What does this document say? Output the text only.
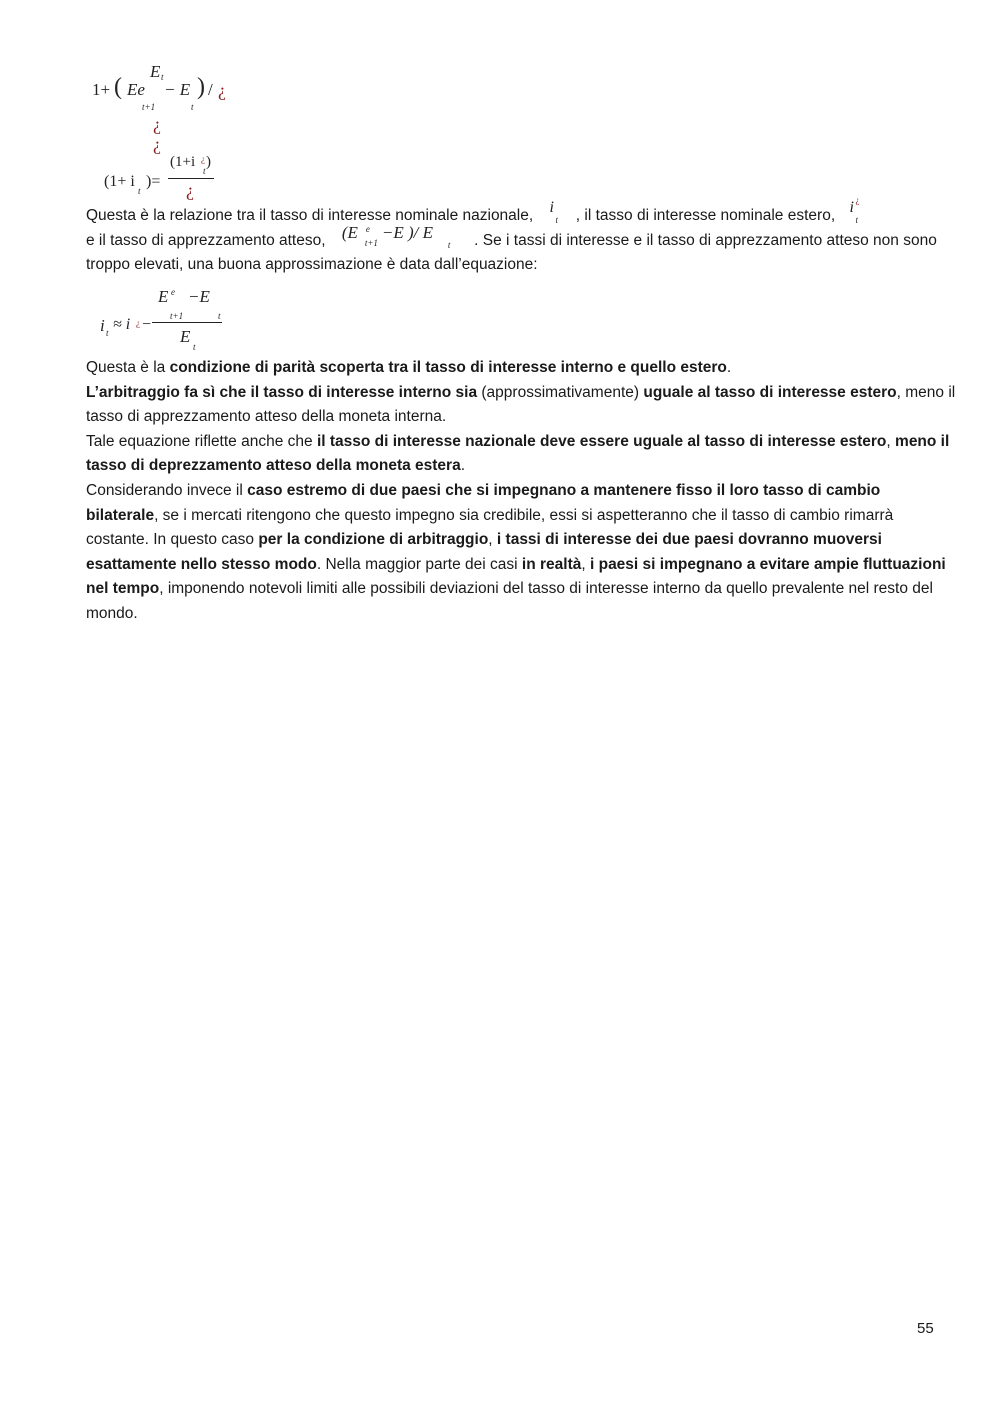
1+ (
E t
Ee
t+1
− E
t
) / ¿
¿
¿
(1+ i
t
)=
(1+i ¿
t
)
¿

Questa è la relazione tra il tasso di interesse nominale nazionale, i
t , il tasso di interesse nominale estero, i ¿
t

e il tasso di apprezzamento atteso, (E e
t+1
−E )/ E
t . Se i tassi di interesse e il tasso di apprezzamento atteso non sono troppo elevati, una buona approssimazione è data dall’equazione:

i t ≈ i ¿ −
E e −E
t+1	t
E
t

Questa è la condizione di parità scoperta tra il tasso di interesse interno e quello estero.

L’arbitraggio fa sì che il tasso di interesse interno sia (approssimativamente) uguale al tasso di interesse estero, meno il tasso di apprezzamento atteso della moneta interna.

Tale equazione riflette anche che il tasso di interesse nazionale deve essere uguale al tasso di interesse estero, meno il tasso di deprezzamento atteso della moneta estera.

Considerando invece il caso estremo di due paesi che si impegnano a mantenere fisso il loro tasso di cambio bilaterale, se i mercati ritengono che questo impegno sia credibile, essi si aspetteranno che il tasso di cambio rimarrà costante. In questo caso per la condizione di arbitraggio, i tassi di interesse dei due paesi dovranno muoversi esattamente nello stesso modo. Nella maggior parte dei casi in realtà, i paesi si impegnano a evitare ampie fluttuazioni nel tempo, imponendo notevoli limiti alle possibili deviazioni del tasso di interesse interno da quello prevalente nel resto del mondo.

55
